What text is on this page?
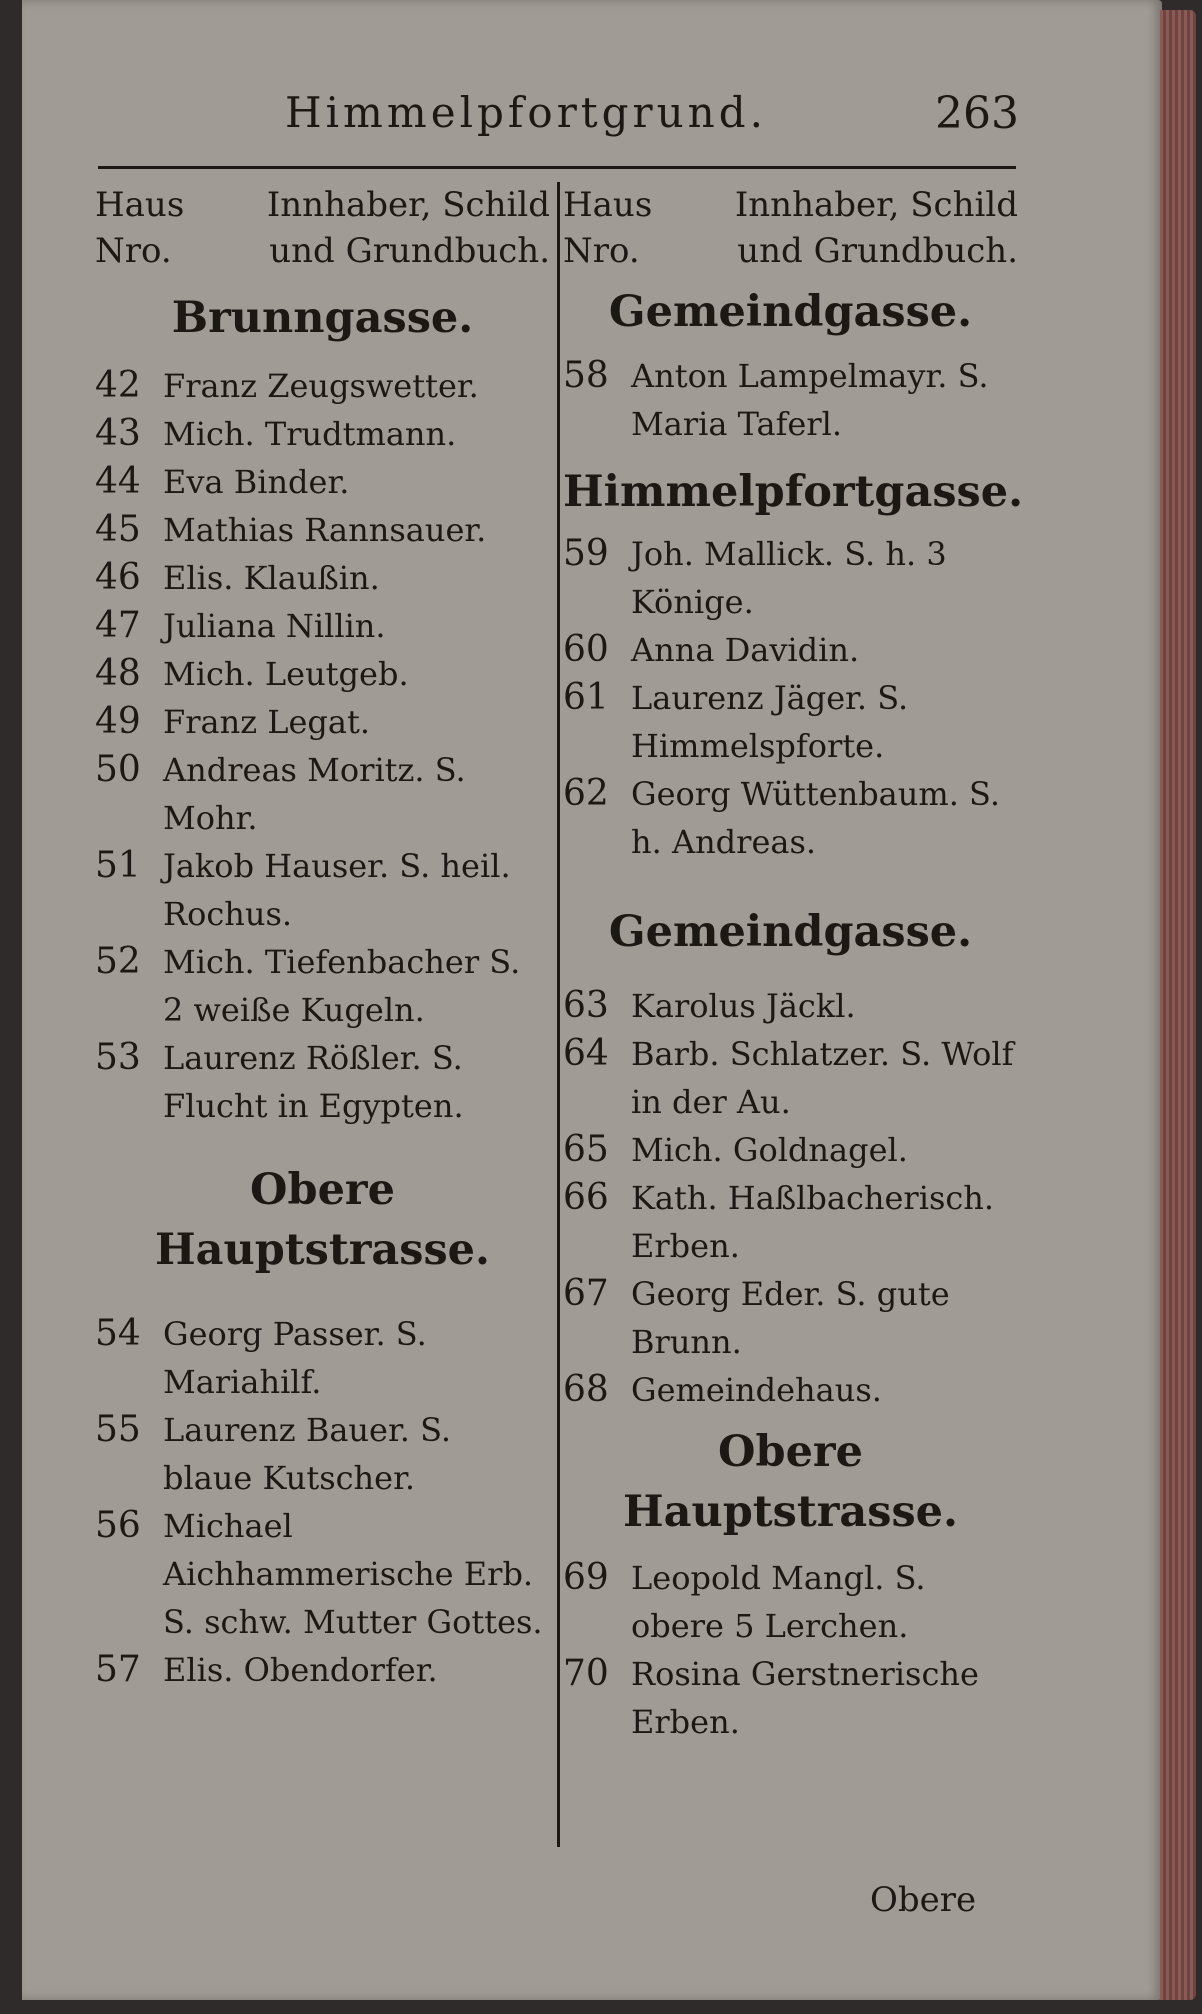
Himmelpfortgrund.	263
Haus Innhaber, Schild
Nro.	und Grundbuch.
Brunngasse.
42 Franz Zeugswetter.
43 Mich. Trudtmann.
44 Eva Binder.
45 Mathias Rannsauer.
46 Elis. Klaußin.
47 Juliana Nillin.
48 Mich. Leutgeb.
49 Franz Legat.
50 Andreas Moritz. S. Mohr.
51 Jakob Hauser. S. heil. Rochus.
52 Mich. Tiefenbacher S. 2 weiße Kugeln.
53 Laurenz Rößler. S. Flucht in Egypten.
Obere Hauptstrasse.
54 Georg Passer. S. Mariahilf.
55 Laurenz Bauer. S. blaue Kutscher.
56 Michael Aichhammerische Erb. S. schw. Mutter Gottes.
57 Elis. Obendorfer.
Haus Innhaber, Schild
Nro.	und Grundbuch.
Gemeindgasse.
58 Anton Lampelmayr. S. Maria Taferl.
Himmelpfortgasse.
59 Joh. Mallick. S. h. 3 Könige.
60 Anna Davidin.
61 Laurenz Jäger. S. Himmelspforte.
62 Georg Wüttenbaum. S. h. Andreas.
Gemeindgasse.
63 Karolus Jäckl.
64 Barb. Schlatzer. S. Wolf in der Au.
65 Mich. Goldnagel.
66 Kath. Haßlbacherisch. Erben.
67 Georg Eder. S. gute Brunn.
68 Gemeindehaus.
Obere Hauptstrasse.
69 Leopold Mangl. S. obere 5 Lerchen.
70 Rosina Gerstnerische Erben.
Obere
